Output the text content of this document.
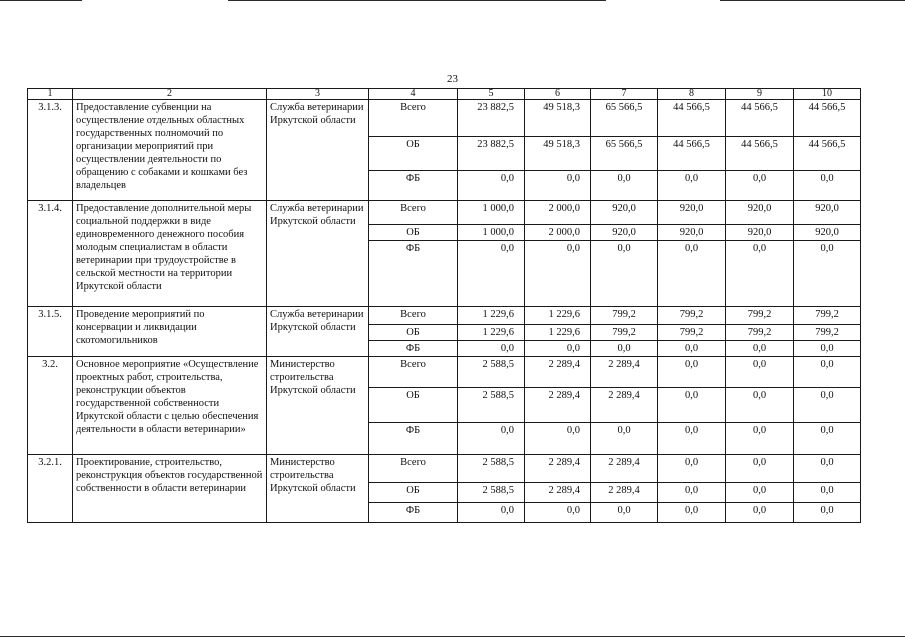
23
1	2	3	4	5	6	7	8	9	10
3.1.3.	Предоставление субвенции на осуществление отдельных областных государственных полномочий по организации мероприятий при осуществлении деятельности по обращению с собаками и кошками без владельцев	Служба ветеринарии Иркутской области	Всего	23 882,5	49 518,3	65 566,5	44 566,5	44 566,5	44 566,5
			ОБ	23 882,5	49 518,3	65 566,5	44 566,5	44 566,5	44 566,5
			ФБ	0,0	0,0	0,0	0,0	0,0	0,0
3.1.4.	Предоставление дополнительной меры социальной поддержки в виде единовременного денежного пособия молодым специалистам в области ветеринарии при трудоустройстве в сельской местности на территории Иркутской области	Служба ветеринарии Иркутской области	Всего	1 000,0	2 000,0	920,0	920,0	920,0	920,0
			ОБ	1 000,0	2 000,0	920,0	920,0	920,0	920,0
			ФБ	0,0	0,0	0,0	0,0	0,0	0,0
3.1.5.	Проведение мероприятий по консервации и ликвидации скотомогильников	Служба ветеринарии Иркутской области	Всего	1 229,6	1 229,6	799,2	799,2	799,2	799,2
			ОБ	1 229,6	1 229,6	799,2	799,2	799,2	799,2
			ФБ	0,0	0,0	0,0	0,0	0,0	0,0
3.2.	Основное мероприятие «Осуществление проектных работ, строительства, реконструкции объектов государственной собственности Иркутской области с целью обеспечения деятельности в области ветеринарии»	Министерство строительства Иркутской области	Всего	2 588,5	2 289,4	2 289,4	0,0	0,0	0,0
			ОБ	2 588,5	2 289,4	2 289,4	0,0	0,0	0,0
			ФБ	0,0	0,0	0,0	0,0	0,0	0,0
3.2.1.	Проектирование, строительство, реконструкция объектов государственной собственности в области ветеринарии	Министерство строительства Иркутской области	Всего	2 588,5	2 289,4	2 289,4	0,0	0,0	0,0
			ОБ	2 588,5	2 289,4	2 289,4	0,0	0,0	0,0
			ФБ	0,0	0,0	0,0	0,0	0,0	0,0
